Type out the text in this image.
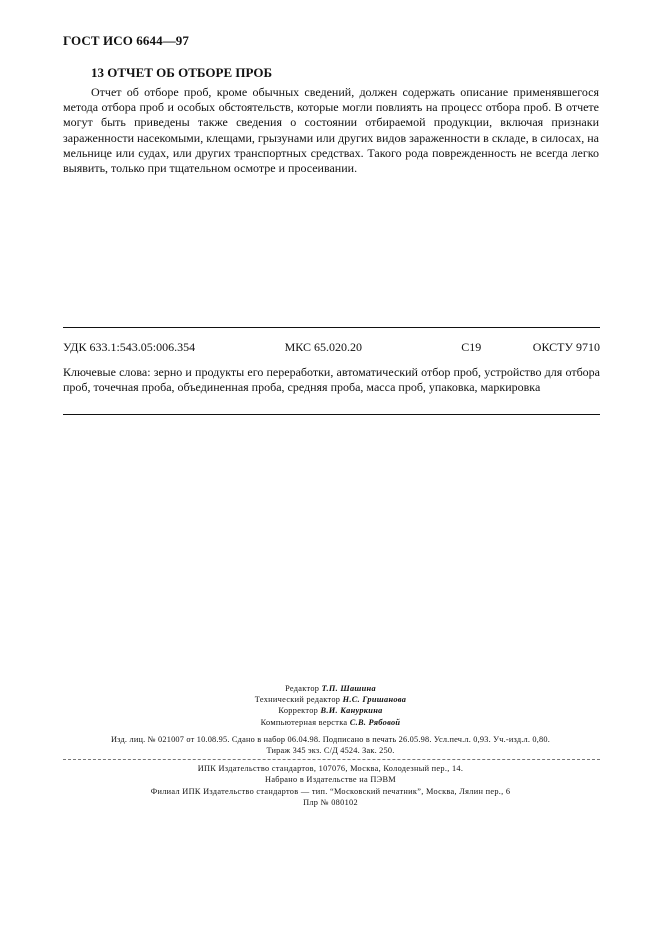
ГОСТ ИСО 6644—97
13 ОТЧЕТ ОБ ОТБОРЕ ПРОБ
Отчет об отборе проб, кроме обычных сведений, должен содержать описание применявшегося метода отбора проб и особых обстоятельств, которые могли повлиять на процесс отбора проб. В отчете могут быть приведены также сведения о состоянии отбираемой продукции, включая признаки зараженности насекомыми, клещами, грызунами или других видов зараженности в складе, в силосах, на мельнице или судах, или других транспортных средствах. Такого рода поврежденность не всегда легко выявить, только при тщательном осмотре и просеивании.
УДК 633.1:543.05:006.354	МКС 65.020.20	С19	ОКСТУ 9710
Ключевые слова: зерно и продукты его переработки, автоматический отбор проб, устройство для отбора проб, точечная проба, объединенная проба, средняя проба, масса проб, упаковка, маркировка
Редактор Т.П. Шашина
Технический редактор Н.С. Гришанова
Корректор В.И. Кануркина
Компьютерная верстка С.В. Рябовой
Изд. лиц. № 021007 от 10.08.95. Сдано в набор 06.04.98. Подписано в печать 26.05.98. Усл.печ.л. 0,93. Уч.-изд.л. 0,80.
Тираж 345 экз. С/Д 4524. Зак. 250.
ИПК Издательство стандартов, 107076, Москва, Колодезный пер., 14.
Набрано в Издательстве на ПЭВМ
Филиал ИПК Издательство стандартов — тип. “Московский печатник”, Москва, Лялин пер., 6
Плр № 080102
